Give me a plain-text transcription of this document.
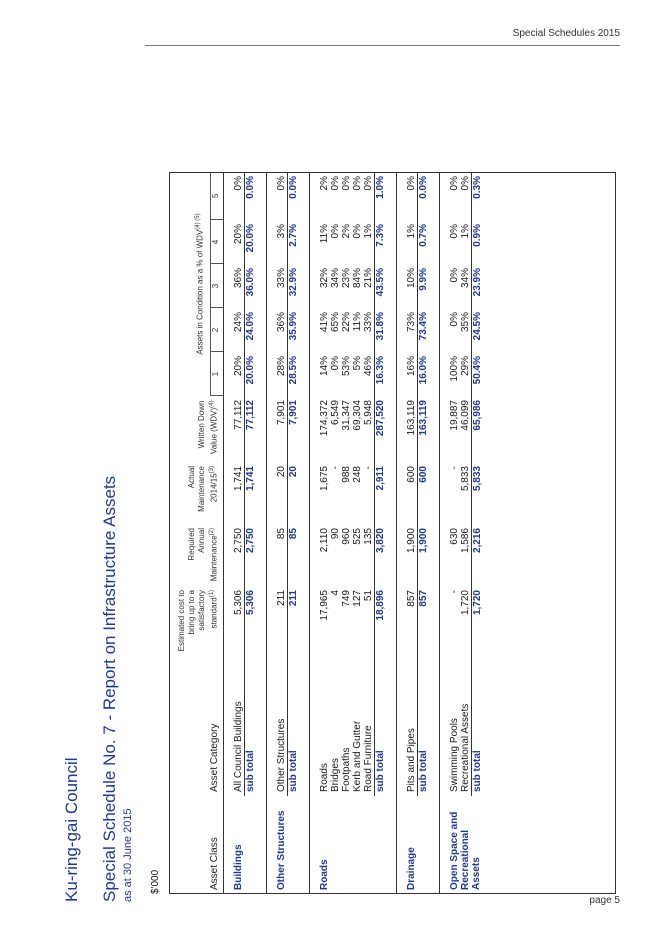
Special Schedules 2015
page 5
Ku-ring-gai Council Special Schedule No. 7 - Report on Infrastructure Assets as at 30 June 2015 $'000	Asset Class	Asset Category	Estimated cost to bring up to a satisfactory standard$^{(1)}$	Required Annual Maintenance$^{(2)}$	Actual Maintenance 2014/15$^{(3)}$	Written Down Value (WDV)$^{(4)}$	Assets in Condition as a % of $WDV^{(4) (5)}$
						1	2	3	4	5

Buildings	All Council Buildings	5,306	2,750	1,741	77,112	20%	24%	36%	20%	0%
	sub total	5,306	2,750	1,741	77,112	20.0%	24.0%	36.0%	20.0%	0.0%

Other Structures	Other Structures	211	85	20	7,901	28%	36%	33%	3%	0%
	sub total	211	85	20	7,901	28.5%	35.9%	32.9%	2.7%	0.0%

Roads	Roads	17,965	2,110	1,675	174,372	14%	41%	32%	11%	2%
	Bridges	4	90	-	6,549	0%	65%	34%	0%	0%
	Footpaths	749	960	988	31,347	53%	22%	23%	2%	0%
	Kerb and Gutter	127	525	248	69,304	5%	11%	84%	0%	0%
	Road Furniture	51	135	-	5,948	46%	33%	21%	1%	0%
	sub total	18,896	3,820	2,911	287,520	16.3%	31.8%	43.5%	7.3%	1.0%

Drainage	Pits and Pipes	857	1,900	600	163,119	16%	73%	10%	1%	0%
	sub total	857	1,900	600	163,119	16.0%	73.4%	9.9%	0.7%	0.0%

Open Space and Recreational Assets	Swimming Pools	-	630	-	19,887	100%	0%	0%	0%	0%
	Recreational Assets	1,720	1,586	5,833	46,099	29%	35%	34%	1%	0%
	sub total	1,720	2,216	5,833	65,986	50.4%	24.5%	23.9%	0.9%	0.3%
